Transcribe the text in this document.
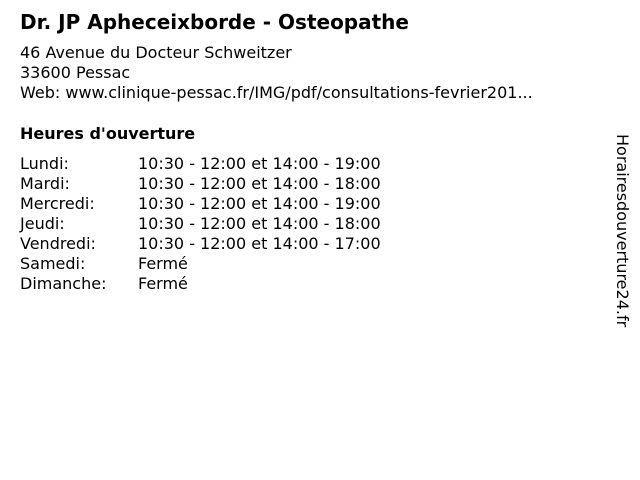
Dr. JP Apheceixborde - Osteopathe
46 Avenue du Docteur Schweitzer
33600 Pessac
Web: www.clinique-pessac.fr/IMG/pdf/consultations-fevrier201...
Heures d'ouverture
Lundi:	10:30 - 12:00 et 14:00 - 19:00
Mardi:	10:30 - 12:00 et 14:00 - 18:00
Mercredi:	10:30 - 12:00 et 14:00 - 19:00
Jeudi:	10:30 - 12:00 et 14:00 - 18:00
Vendredi:	10:30 - 12:00 et 14:00 - 17:00
Samedi:	Fermé
Dimanche:	Fermé	Horairesdouverture24.fr
